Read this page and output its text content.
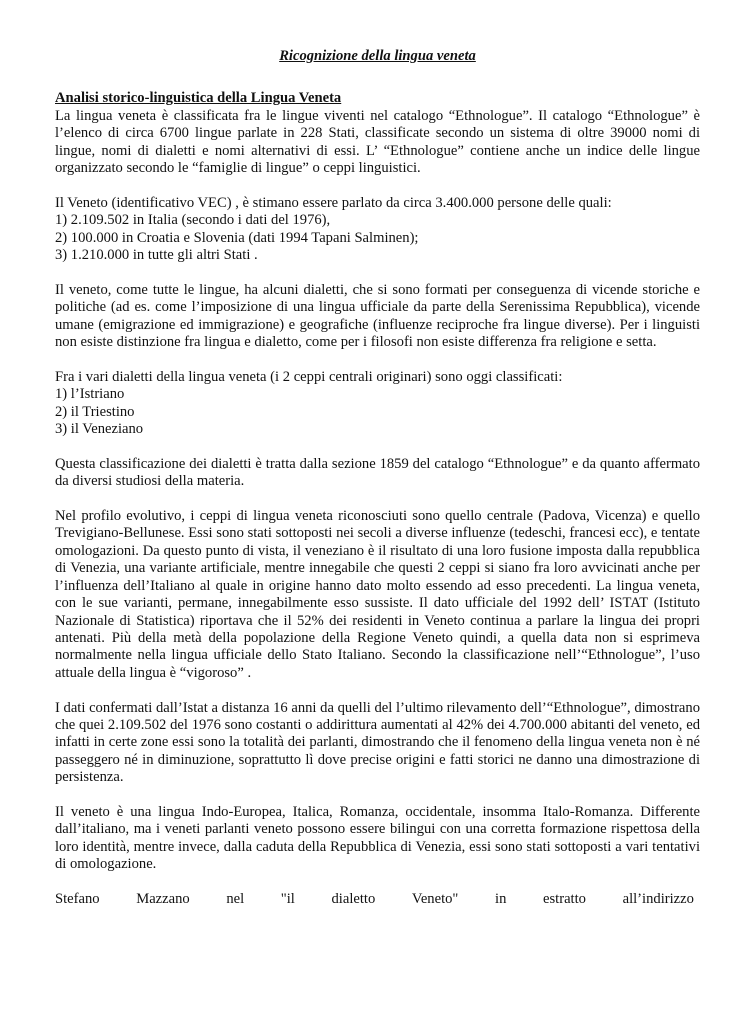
Ricognizione della lingua veneta

Analisi storico-linguistica della Lingua Veneta

La lingua veneta è classificata fra le lingue viventi nel catalogo “Ethnologue”. Il catalogo “Ethnologue” è l’elenco di circa 6700 lingue parlate in 228 Stati, classificate secondo un sistema di oltre 39000 nomi di lingue, nomi di dialetti e nomi alternativi di essi. L’ “Ethnologue” contiene anche un indice delle lingue organizzato secondo le “famiglie di lingue” o ceppi linguistici.

Il Veneto (identificativo VEC) , è stimano essere parlato da circa 3.400.000 persone delle quali:

1) 2.109.502 in Italia (secondo i dati del 1976),

2) 100.000 in Croatia e Slovenia (dati 1994 Tapani Salminen);

3) 1.210.000 in tutte gli altri Stati .

Il veneto, come tutte le lingue, ha alcuni dialetti, che si sono formati per conseguenza di vicende storiche e politiche (ad es. come l’imposizione di una lingua ufficiale da parte della Serenissima Repubblica), vicende umane (emigrazione ed immigrazione) e geografiche (influenze reciproche fra lingue diverse). Per i linguisti non esiste distinzione fra lingua e dialetto, come per i filosofi non esiste differenza fra religione e setta.

Fra i vari dialetti della lingua veneta (i 2 ceppi centrali originari) sono oggi classificati:

1) l’Istriano

2) il Triestino

3) il Veneziano

Questa classificazione dei dialetti è tratta dalla sezione 1859 del catalogo “Ethnologue” e da quanto affermato da diversi studiosi della materia.

Nel profilo evolutivo, i ceppi di lingua veneta riconosciuti sono quello centrale (Padova, Vicenza) e quello Trevigiano-Bellunese. Essi sono stati sottoposti nei secoli a diverse influenze (tedeschi, francesi ecc), e tentate omologazioni. Da questo punto di vista, il veneziano è il risultato di una loro fusione imposta dalla repubblica di Venezia, una variante artificiale, mentre innegabile che questi 2 ceppi si siano fra loro avvicinati anche per l’influenza dell’Italiano al quale in origine hanno dato molto essendo ad esso precedenti. La lingua veneta, con le sue varianti, permane, innegabilmente esso sussiste. Il dato ufficiale del 1992 dell’ ISTAT (Istituto Nazionale di Statistica) riportava che il 52% dei residenti in Veneto continua a parlare la lingua dei propri antenati. Più della metà della popolazione della Regione Veneto quindi, a quella data non si esprimeva normalmente nella lingua ufficiale dello Stato Italiano. Secondo la classificazione nell’“Ethnologue”, l’uso attuale della lingua è “vigoroso” .

I dati confermati dall’Istat a distanza 16 anni da quelli del l’ultimo rilevamento dell’“Ethnologue”, dimostrano che quei 2.109.502 del 1976 sono costanti o addirittura aumentati al 42% dei 4.700.000 abitanti del veneto, ed infatti in certe zone essi sono la totalità dei parlanti, dimostrando che il fenomeno della lingua veneta non è né passeggero né in diminuzione, soprattutto lì dove precise origini e fatti storici ne danno una dimostrazione di persistenza.

Il veneto è una lingua Indo-Europea, Italica, Romanza, occidentale, insomma Italo-Romanza. Differente dall’italiano, ma i veneti parlanti veneto possono essere bilingui con una corretta formazione rispettosa della loro identità, mentre invece, dalla caduta della Repubblica di Venezia, essi sono stati sottoposti a vari tentativi di omologazione.

Stefano	Mazzano	nel	"il	dialetto	Veneto"	in	estratto	all’indirizzo
